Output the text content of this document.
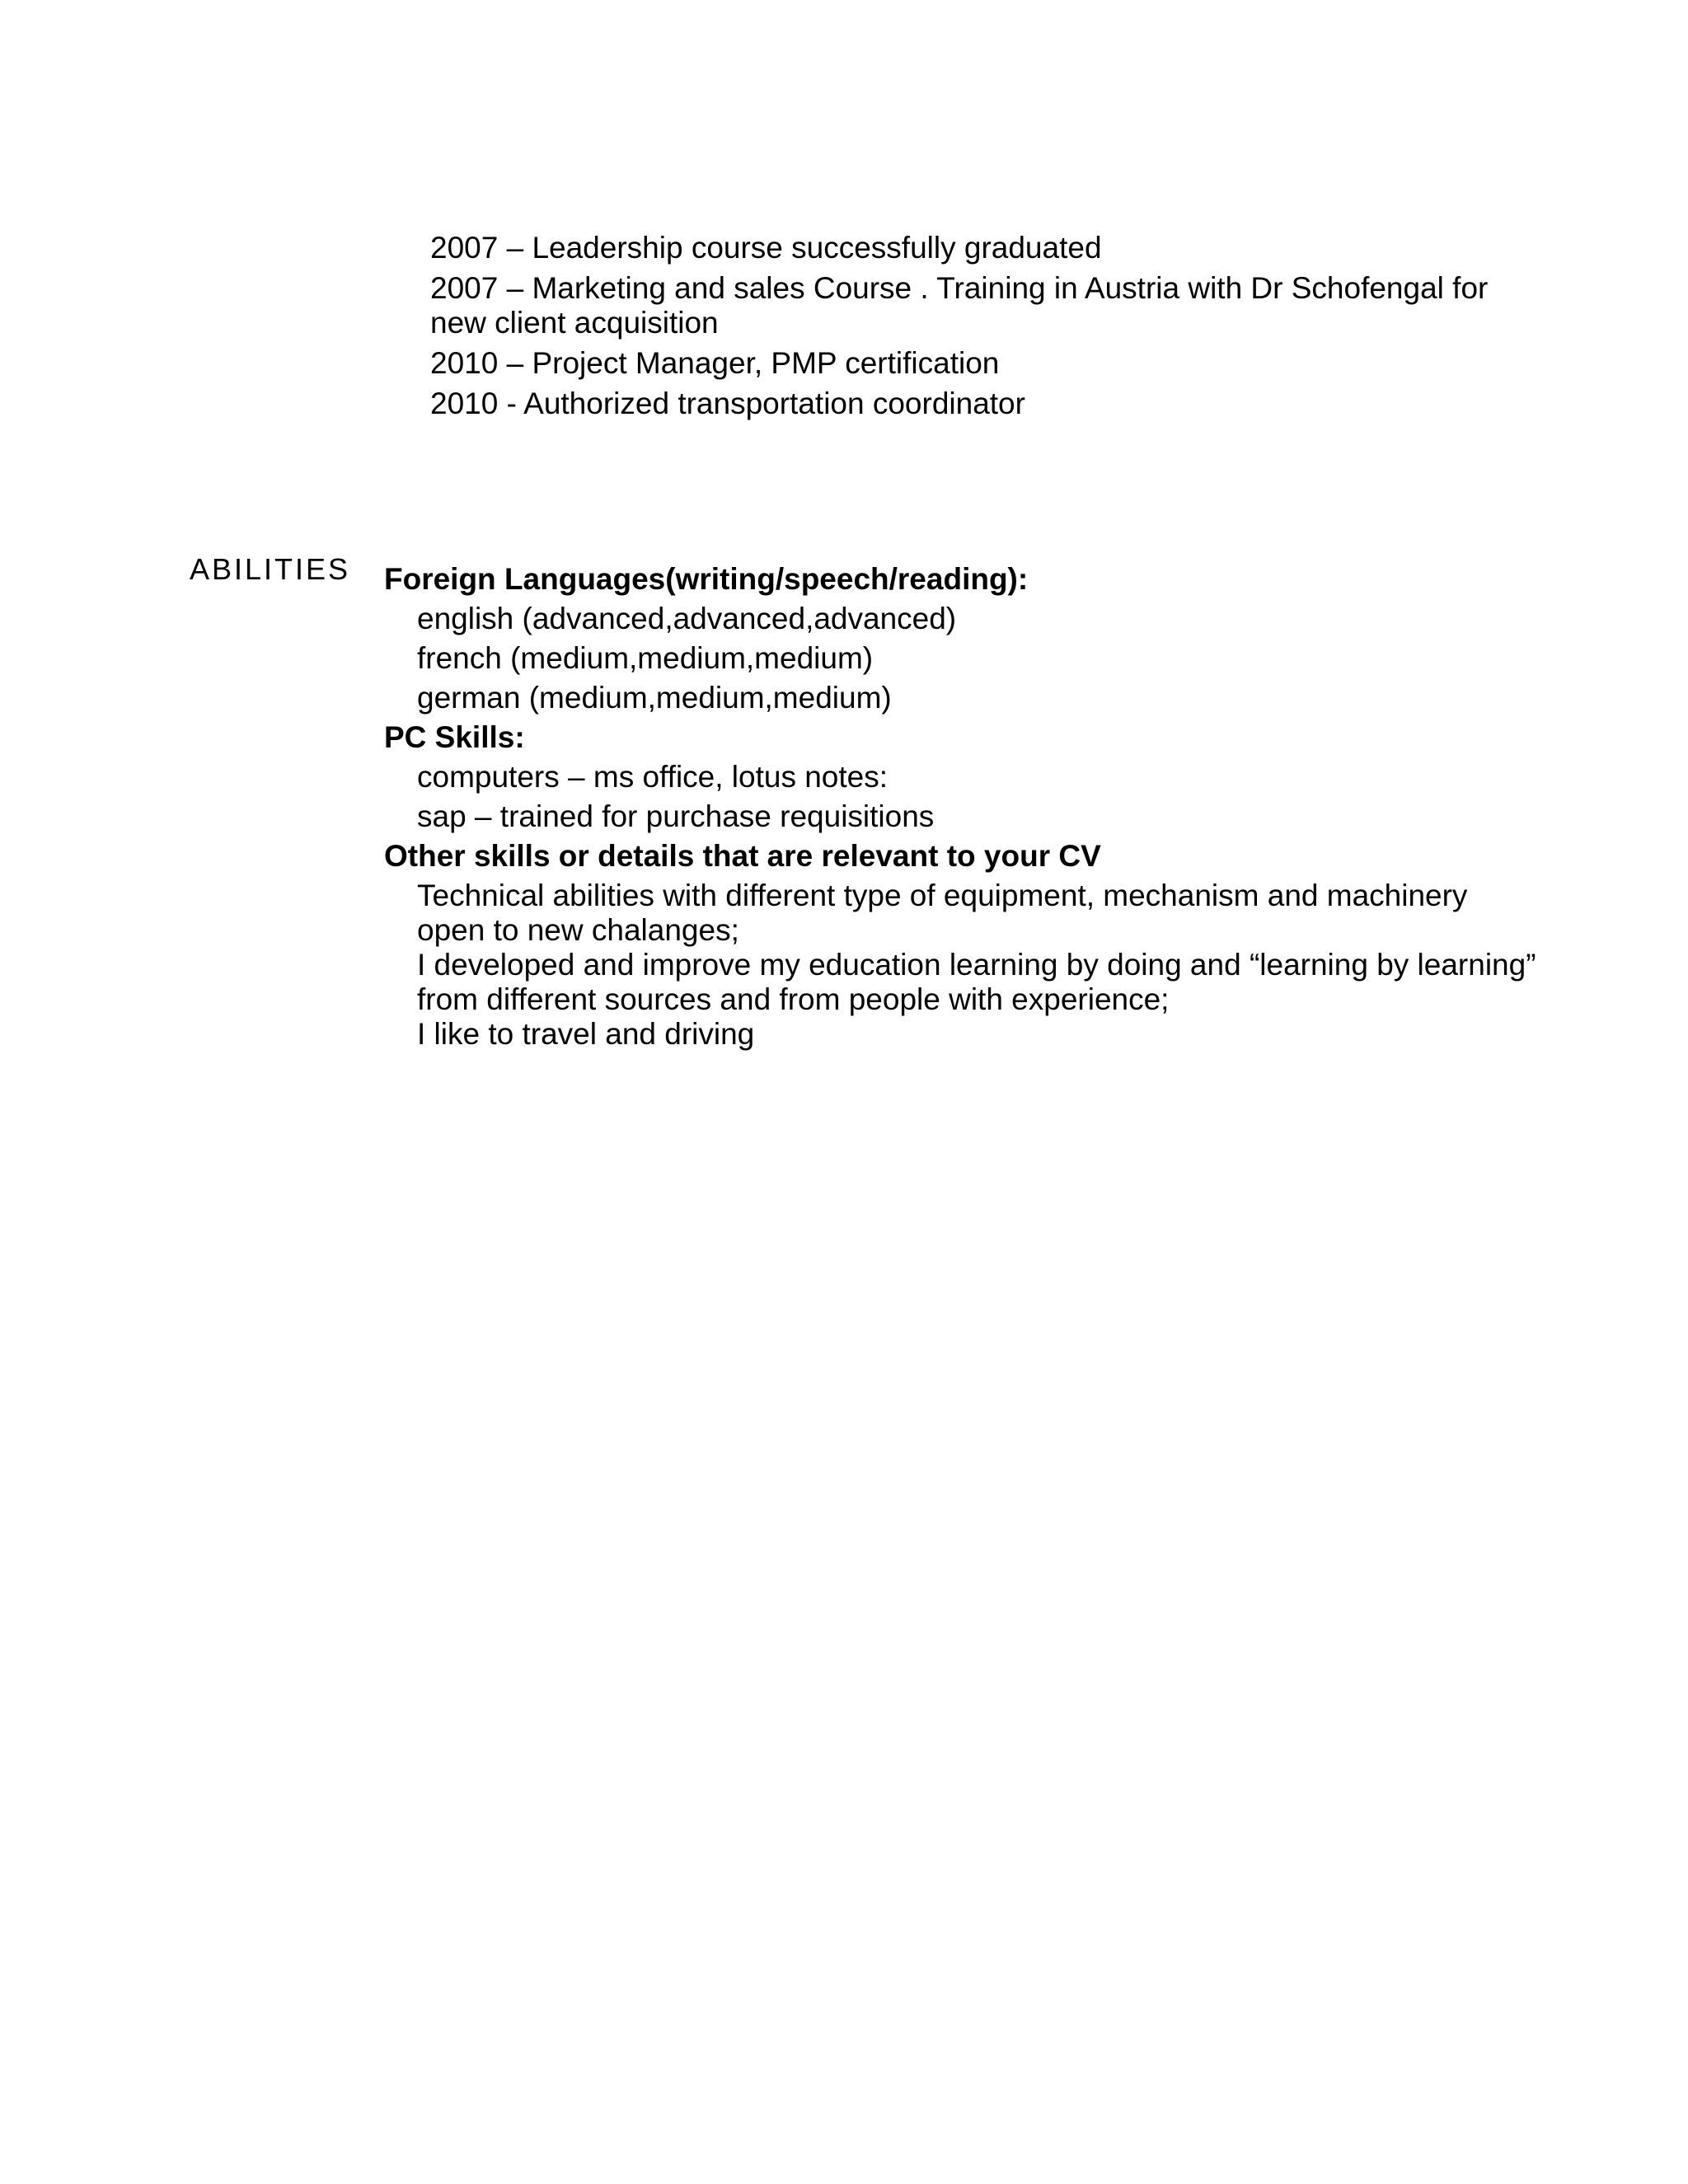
2007 – Leadership course successfully graduated
2007 – Marketing and sales Course . Training in Austria with Dr Schofengal for new client acquisition
2010 – Project Manager, PMP certification
2010 - Authorized transportation coordinator
ABILITIES Foreign Languages(writing/speech/reading):
english (advanced,advanced,advanced)
french (medium,medium,medium)
german (medium,medium,medium)
PC Skills:
computers – ms office, lotus notes:
sap – trained for purchase requisitions
Other skills or details that are relevant to your CV
Technical abilities with different type of equipment, mechanism and machinery open to new chalanges;
I developed and improve my education learning by doing and “learning by learning” from different sources and from people with experience;
I like to travel and driving
